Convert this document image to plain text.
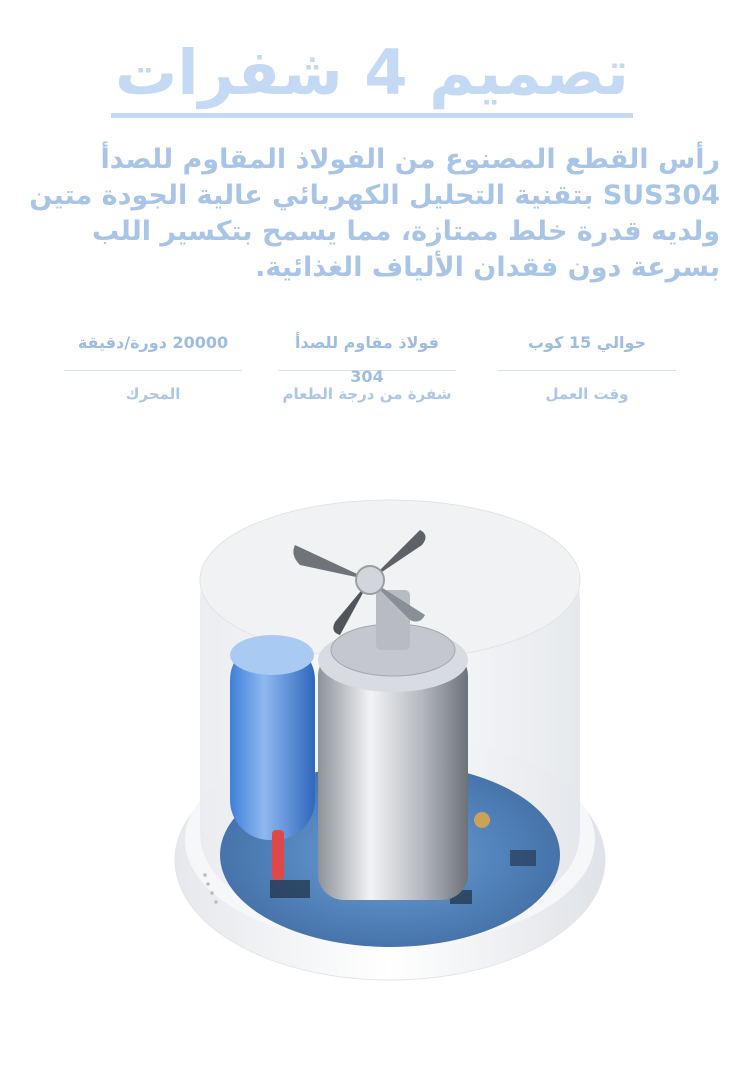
تصميم 4 شفرات

رأس القطع المصنوع من الفولاذ المقاوم للصدأ SUS304 بتقنية التحليل الكهربائي عالية الجودة متين ولديه قدرة خلط ممتازة، مما يسمح بتكسير اللب بسرعة دون فقدان الألياف الغذائية.

حوالي 15 كوب
وقت العمل
فولاذ مقاوم للصدأ 304
شفرة من درجة الطعام
20000 دورة/دقيقة
المحرك
